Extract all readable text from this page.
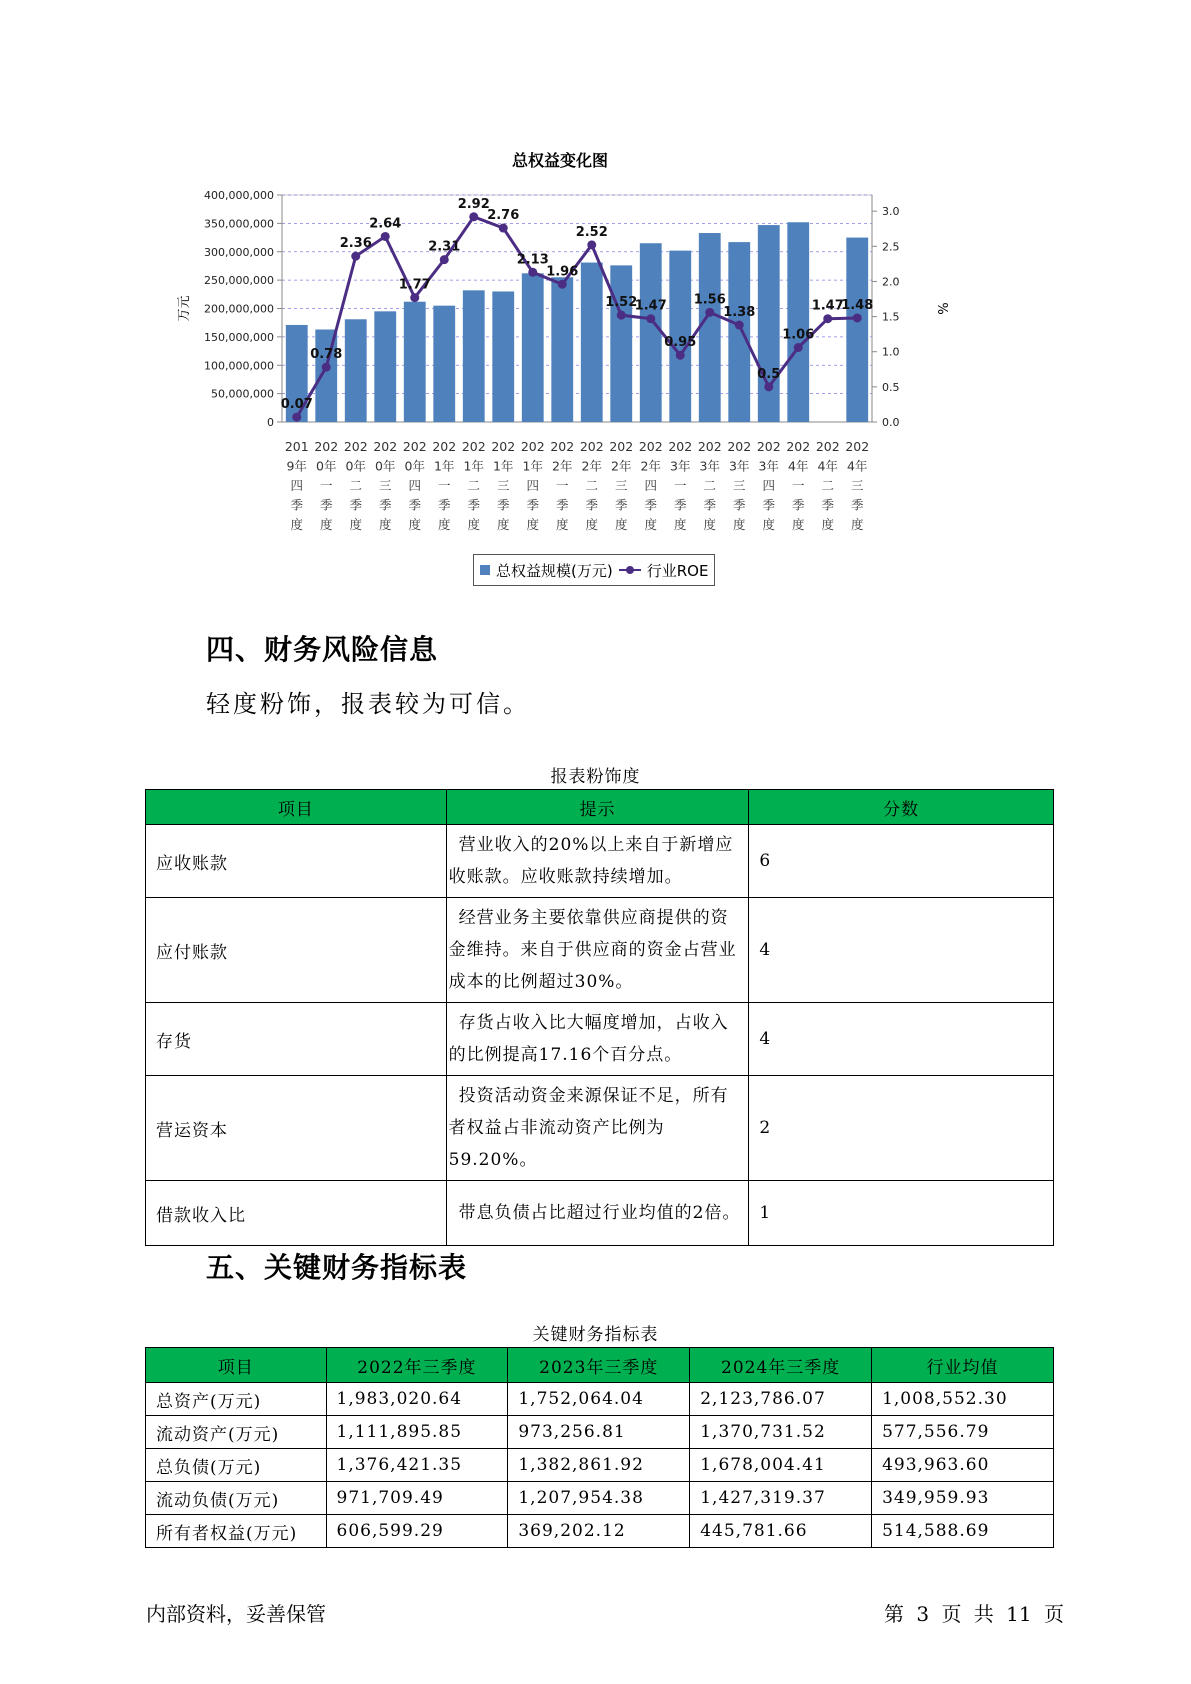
总权益变化图
0
50,000,000
100,000,000
150,000,000
200,000,000
250,000,000
300,000,000
350,000,000
400,000,000
0.0
0.5
1.0
1.5
2.0
2.5
3.0
万元	%
0.07
0.78
2.36
2.64
1.77
2.31
2.92
2.76
2.13
1.96
2.52
1.52
1.47
0.95
1.56
1.38
0.5
1.06
1.47
1.48
201
9年
四
季
度
202
0年
一
季
度
202
0年
二
季
度
202
0年
三
季
度
202
0年
四
季
度
202
1年
一
季
度
202
1年
二
季
度
202
1年
三
季
度
202
1年
四
季
度
202
2年
一
季
度
202
2年
二
季
度
202
2年
三
季
度
202
2年
四
季
度
202
3年
一
季
度
202
3年
二
季
度
202
3年
三
季
度
202
3年
四
季
度
202
4年
一
季
度
202
4年
二
季
度
202
4年
三
季
度
总权益规模(万元) 行业ROE
四、财务风险信息
轻度粉饰，报表较为可信。
报表粉饰度
项目	提示	分数
应收账款	营业收入的20%以上来自于新增应收账款。应收账款持续增加。	6
应付账款	经营业务主要依靠供应商提供的资金维持。来自于供应商的资金占营业成本的比例超过30%。	4
存货	存货占收入比大幅度增加，占收入的比例提高17.16个百分点。	4
营运资本	投资活动资金来源保证不足，所有者权益占非流动资产比例为59.20%。	2
借款收入比	带息负债占比超过行业均值的2倍。	1
五、关键财务指标表
关键财务指标表
项目	2022年三季度	2023年三季度	2024年三季度	行业均值
总资产(万元)	1,983,020.64	1,752,064.04	2,123,786.07	1,008,552.30
流动资产(万元)	1,111,895.85	973,256.81	1,370,731.52	577,556.79
总负债(万元)	1,376,421.35	1,382,861.92	1,678,004.41	493,963.60
流动负债(万元)	971,709.49	1,207,954.38	1,427,319.37	349,959.93
所有者权益(万元)	606,599.29	369,202.12	445,781.66	514,588.69
内部资料，妥善保管	第 3 页 共 11 页
